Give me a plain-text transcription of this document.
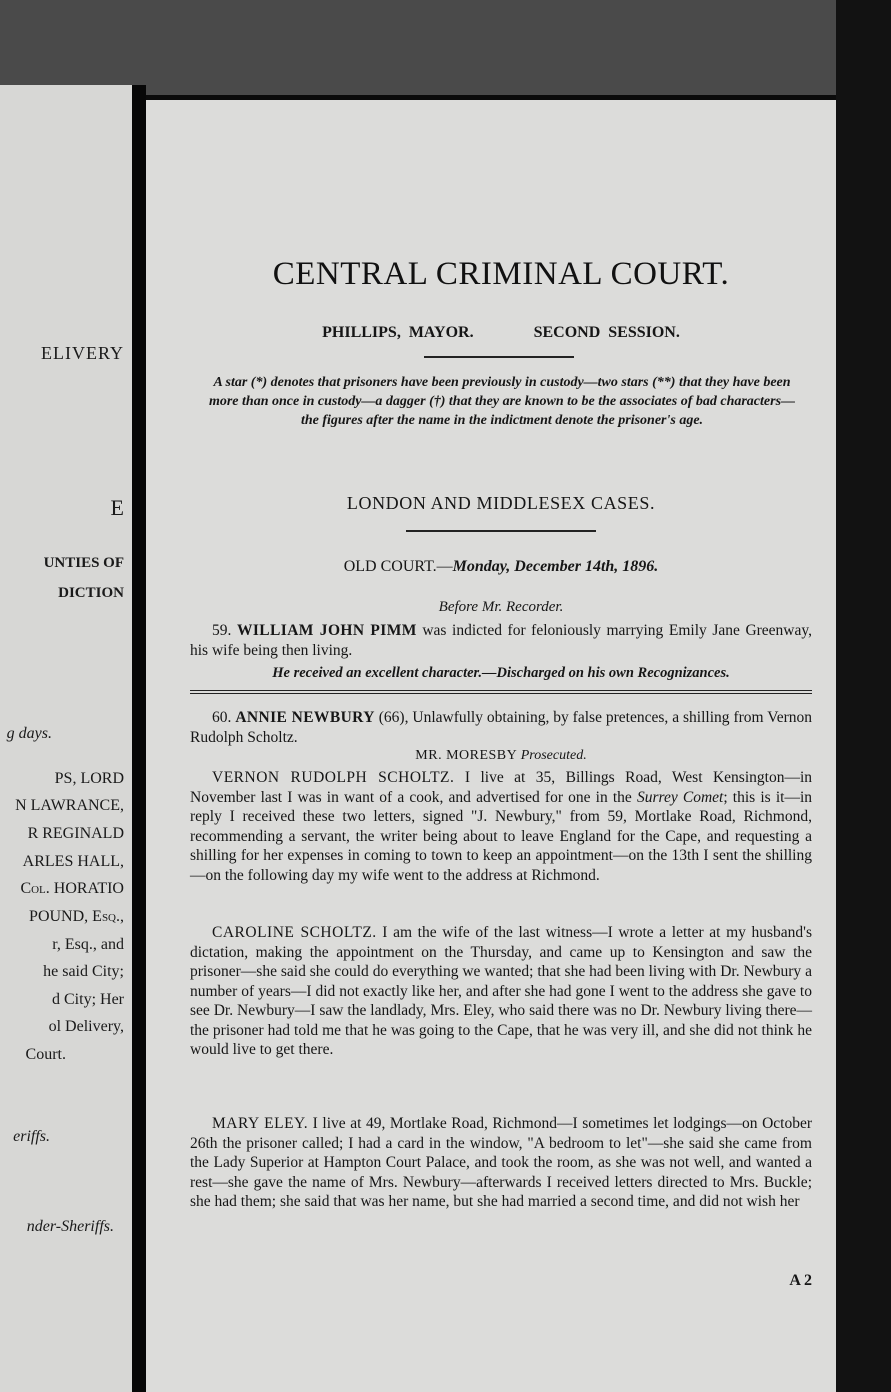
ELIVERY
E
UNTIES OF
DICTION
g days.
PS, LORD
N LAWRANCE,
R REGINALD
ARLES HALL,
Col. HORATIO
POUND, Esq.,
r, Esq., and
he said City;
d City; Her
ol Delivery,
Court.
eriffs.
nder-Sheriffs.
CENTRAL CRIMINAL COURT.
PHILLIPS, MAYOR.	SECOND SESSION.
A star (*) denotes that prisoners have been previously in custody—two stars (**) that they have been more than once in custody—a dagger (†) that they are known to be the associates of bad characters—the figures after the name in the indictment denote the prisoner's age.
LONDON AND MIDDLESEX CASES.
OLD COURT.—Monday, December 14th, 1896.
Before Mr. Recorder.
59. WILLIAM JOHN PIMM was indicted for feloniously marrying Emily Jane Greenway, his wife being then living.
He received an excellent character.—Discharged on his own Recognizances.
60. ANNIE NEWBURY (66), Unlawfully obtaining, by false pretences, a shilling from Vernon Rudolph Scholtz.
MR. MORESBY Prosecuted.
VERNON RUDOLPH SCHOLTZ. I live at 35, Billings Road, West Kensington—in November last I was in want of a cook, and advertised for one in the Surrey Comet; this is it—in reply I received these two letters, signed "J. Newbury," from 59, Mortlake Road, Richmond, recommending a servant, the writer being about to leave England for the Cape, and requesting a shilling for her expenses in coming to town to keep an appointment—on the 13th I sent the shilling—on the following day my wife went to the address at Richmond.
CAROLINE SCHOLTZ. I am the wife of the last witness—I wrote a letter at my husband's dictation, making the appointment on the Thursday, and came up to Kensington and saw the prisoner—she said she could do everything we wanted; that she had been living with Dr. Newbury a number of years—I did not exactly like her, and after she had gone I went to the address she gave to see Dr. Newbury—I saw the landlady, Mrs. Eley, who said there was no Dr. Newbury living there—the prisoner had told me that he was going to the Cape, that he was very ill, and she did not think he would live to get there.
MARY ELEY. I live at 49, Mortlake Road, Richmond—I sometimes let lodgings—on October 26th the prisoner called; I had a card in the window, "A bedroom to let"—she said she came from the Lady Superior at Hampton Court Palace, and took the room, as she was not well, and wanted a rest—she gave the name of Mrs. Newbury—afterwards I received letters directed to Mrs. Buckle; she had them; she said that was her name, but she had married a second time, and did not wish her
A 2
